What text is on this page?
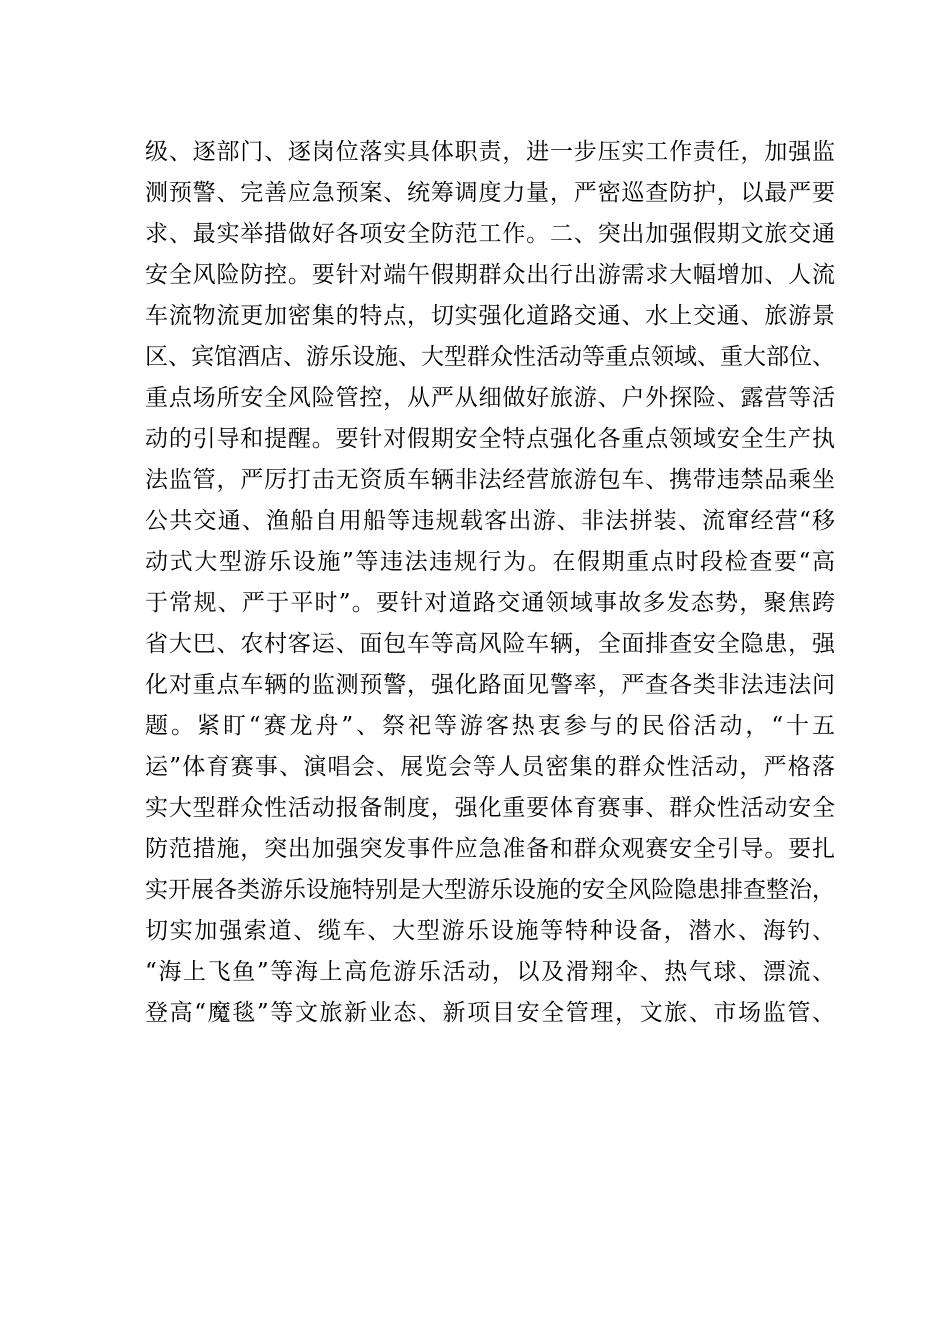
级、逐部门、逐岗位落实具体职责，进一步压实工作责任，加强监
测预警、完善应急预案、统筹调度力量，严密巡查防护，以最严要
求、最实举措做好各项安全防范工作。二、突出加强假期文旅交通
安全风险防控。要针对端午假期群众出行出游需求大幅增加、人流
车流物流更加密集的特点，切实强化道路交通、水上交通、旅游景
区、宾馆酒店、游乐设施、大型群众性活动等重点领域、重大部位、
重点场所安全风险管控，从严从细做好旅游、户外探险、露营等活
动的引导和提醒。要针对假期安全特点强化各重点领域安全生产执
法监管，严厉打击无资质车辆非法经营旅游包车、携带违禁品乘坐
公共交通、渔船自用船等违规载客出游、非法拼装、流窜经营“移
动式大型游乐设施”等违法违规行为。在假期重点时段检查要“高
于常规、严于平时”。要针对道路交通领域事故多发态势，聚焦跨
省大巴、农村客运、面包车等高风险车辆，全面排查安全隐患，强
化对重点车辆的监测预警，强化路面见警率，严查各类非法违法问
题。紧盯“赛龙舟”、祭祀等游客热衷参与的民俗活动，“十五
运”体育赛事、演唱会、展览会等人员密集的群众性活动，严格落
实大型群众性活动报备制度，强化重要体育赛事、群众性活动安全
防范措施，突出加强突发事件应急准备和群众观赛安全引导。要扎
实开展各类游乐设施特别是大型游乐设施的安全风险隐患排查整治，
切实加强索道、缆车、大型游乐设施等特种设备，潜水、海钓、
“海上飞鱼”等海上高危游乐活动，以及滑翔伞、热气球、漂流、
登高“魔毯”等文旅新业态、新项目安全管理，文旅、市场监管、
